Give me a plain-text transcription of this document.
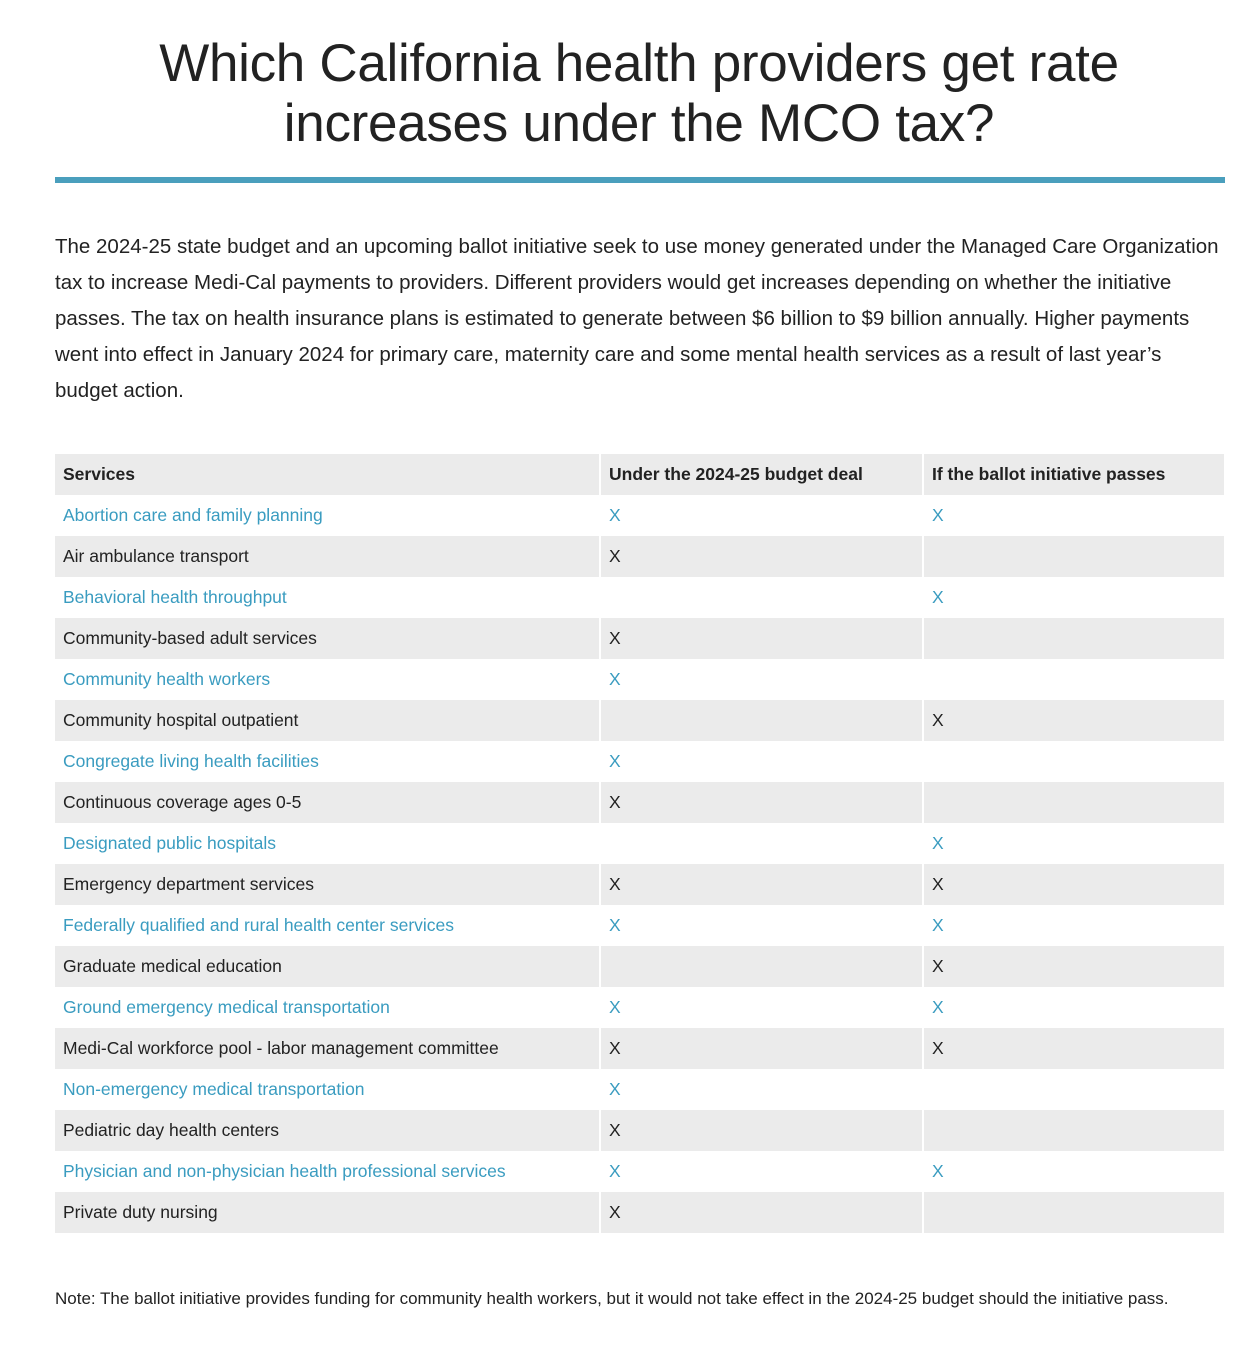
Which California health providers get rate increases under the MCO tax?

The 2024-25 state budget and an upcoming ballot initiative seek to use money generated under the Managed Care Organization tax to increase Medi-Cal payments to providers. Different providers would get increases depending on whether the initiative passes. The tax on health insurance plans is estimated to generate between $6 billion to $9 billion annually. Higher payments went into effect in January 2024 for primary care, maternity care and some mental health services as a result of last year’s budget action.

Services	Under the 2024-25 budget deal	If the ballot initiative passes
Abortion care and family planning	X	X
Air ambulance transport	X	
Behavioral health throughput		X
Community-based adult services	X	
Community health workers	X	
Community hospital outpatient		X
Congregate living health facilities	X	
Continuous coverage ages 0-5	X	
Designated public hospitals		X
Emergency department services	X	X
Federally qualified and rural health center services	X	X
Graduate medical education		X
Ground emergency medical transportation	X	X
Medi-Cal workforce pool - labor management committee	X	X
Non-emergency medical transportation	X	
Pediatric day health centers	X	
Physician and non-physician health professional services	X	X
Private duty nursing	X	

Note: The ballot initiative provides funding for community health workers, but it would not take effect in the 2024-25 budget should the initiative pass.
